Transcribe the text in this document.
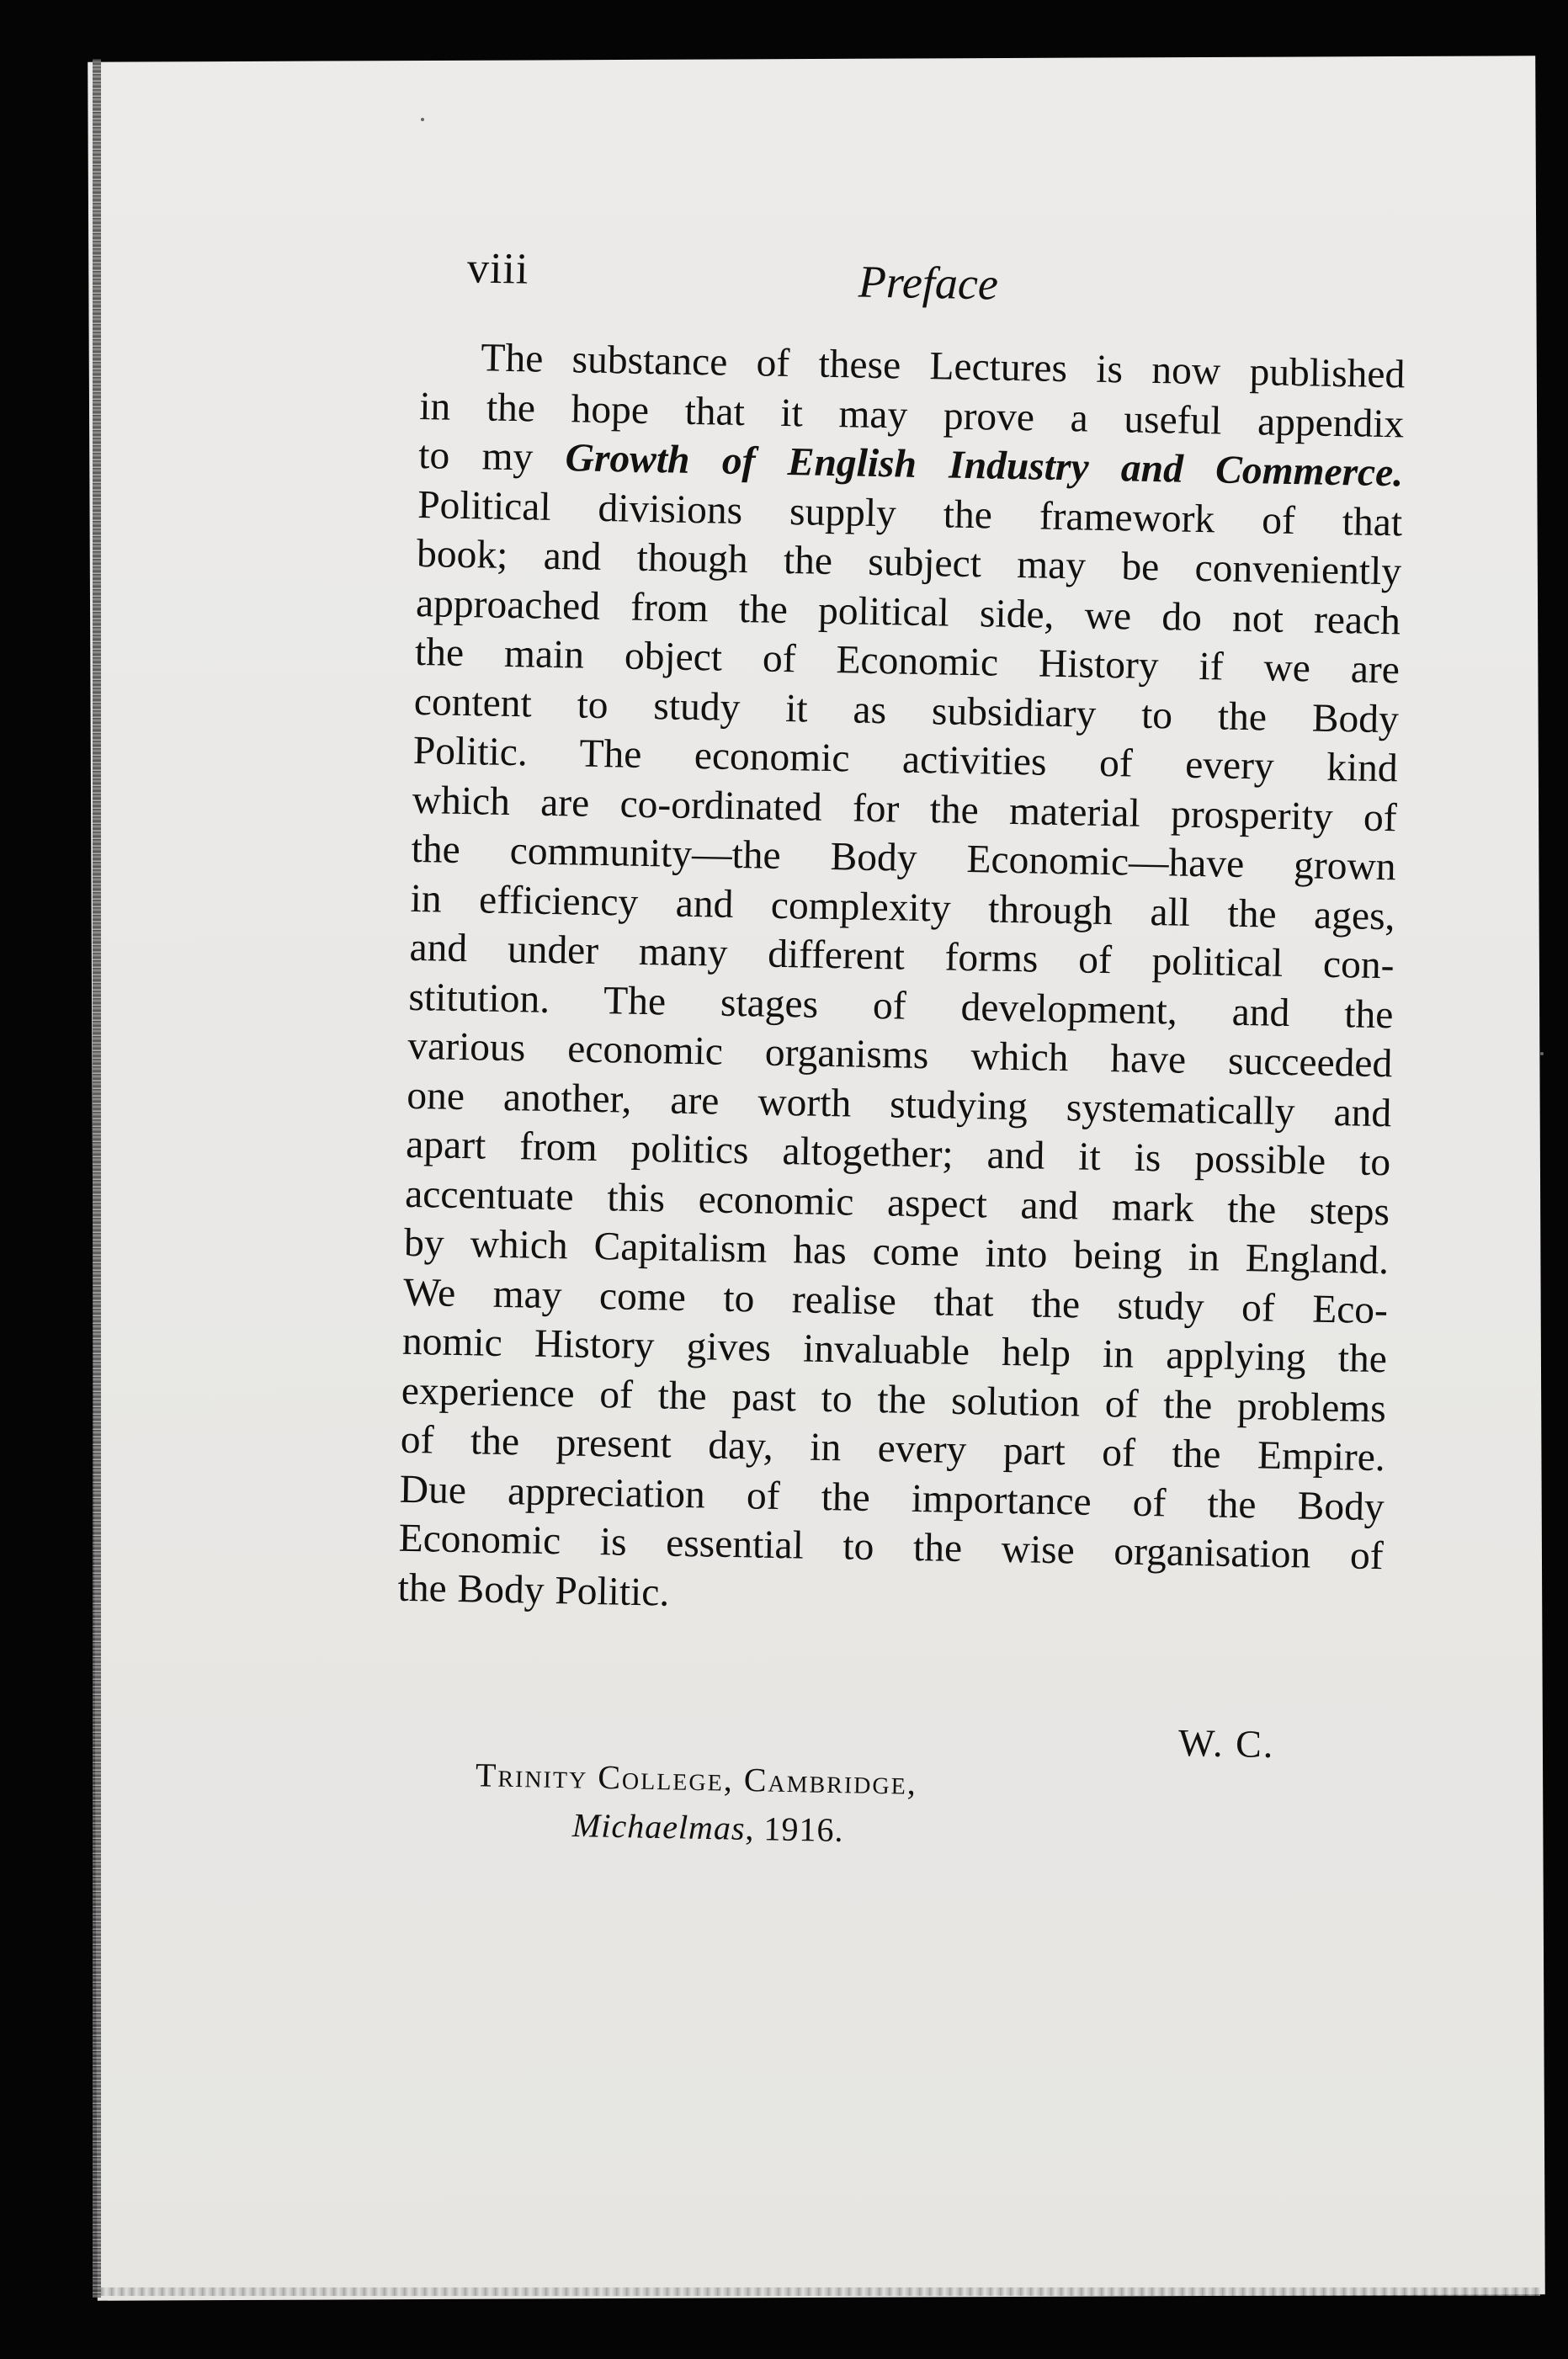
viii	Preface

The substance of these Lectures is now published
in the hope that it may prove a useful appendix
to my Growth of English Industry and Commerce.
Political divisions supply the framework of that
book; and though the subject may be conveniently
approached from the political side, we do not reach
the main object of Economic History if we are
content to study it as subsidiary to the Body
Politic. The economic activities of every kind
which are co-ordinated for the material prosperity of
the community—the Body Economic—have grown
in efficiency and complexity through all the ages,
and under many different forms of political con-
stitution. The stages of development, and the
various economic organisms which have succeeded
one another, are worth studying systematically and
apart from politics altogether; and it is possible to
accentuate this economic aspect and mark the steps
by which Capitalism has come into being in England.
We may come to realise that the study of Eco-
nomic History gives invaluable help in applying the
experience of the past to the solution of the problems
of the present day, in every part of the Empire.
Due appreciation of the importance of the Body
Economic is essential to the wise organisation of
the Body Politic.

W. C.
Trinity College, Cambridge,
Michaelmas, 1916.
